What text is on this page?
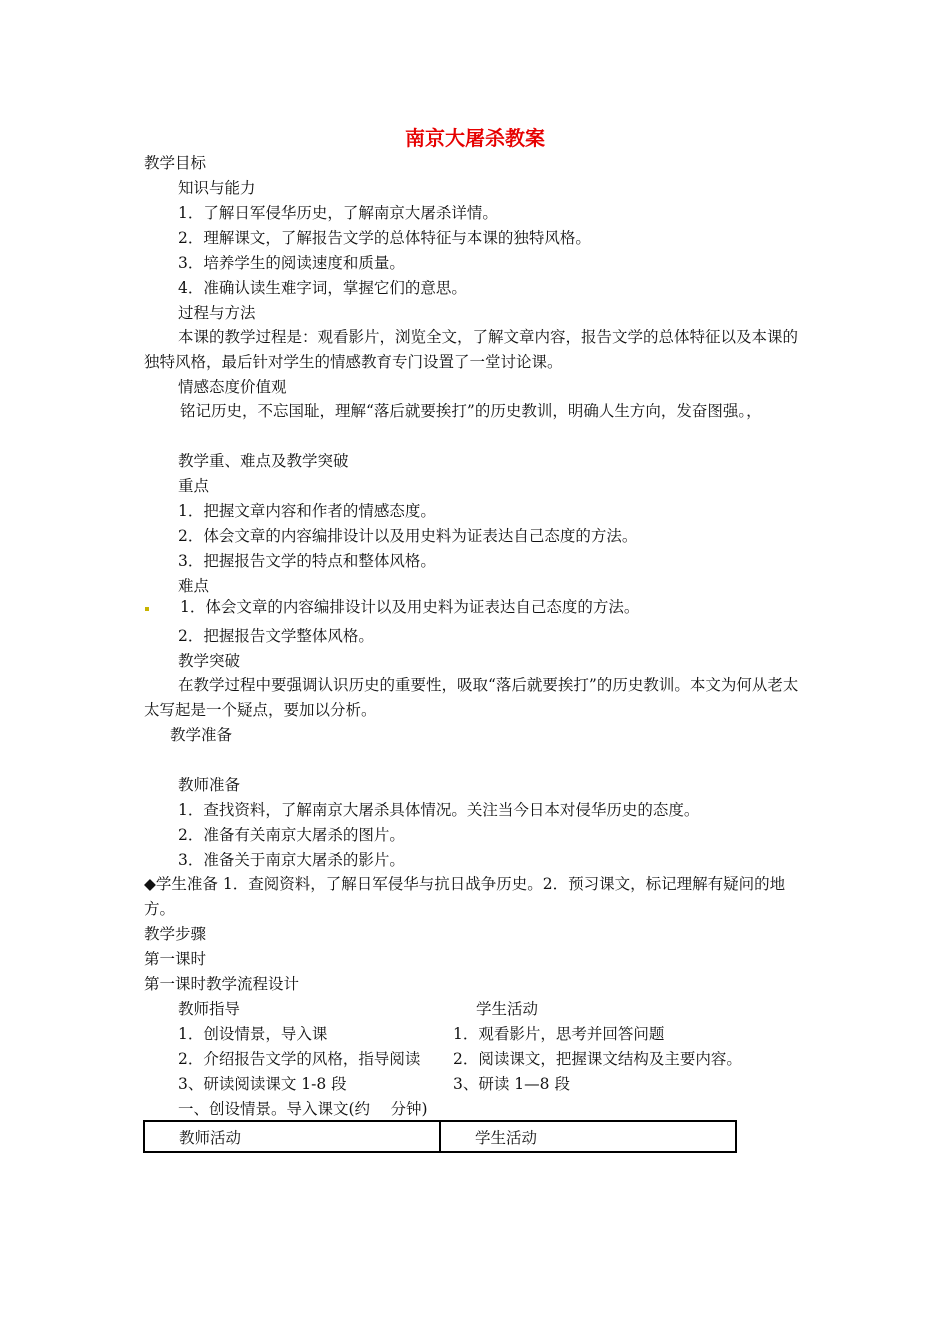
南京大屠杀教案
教学目标
知识与能力
1．了解日军侵华历史，了解南京大屠杀详情。
2．理解课文，了解报告文学的总体特征与本课的独特风格。
3．培养学生的阅读速度和质量。
4．准确认读生难字词，掌握它们的意思。
过程与方法
本课的教学过程是：观看影片，浏览全文，了解文章内容，报告文学的总体特征以及本课的独特风格，最后针对学生的情感教育专门设置了一堂讨论课。
情感态度价值观
铭记历史，不忘国耻，理解“落后就要挨打”的历史教训，明确人生方向，发奋图强。，
教学重、难点及教学突破
重点
1．把握文章内容和作者的情感态度。
2．体会文章的内容编排设计以及用史料为证表达自己态度的方法。
3．把握报告文学的特点和整体风格。
难点
1．体会文章的内容编排设计以及用史料为证表达自己态度的方法。
2．把握报告文学整体风格。
教学突破
在教学过程中要强调认识历史的重要性，吸取“落后就要挨打”的历史教训。本文为何从老太太写起是一个疑点，要加以分析。
教学准备
教师准备
1．查找资料，了解南京大屠杀具体情况。关注当今日本对侵华历史的态度。
2．准备有关南京大屠杀的图片。
3．准备关于南京大屠杀的影片。
◆学生准备 1．查阅资料，了解日军侵华与抗日战争历史。2．预习课文，标记理解有疑问的地方。
教学步骤
第一课时
第一课时教学流程设计
教师指导	学生活动
1．创设情景，导入课	1．观看影片，思考并回答问题
2．介绍报告文学的风格，指导阅读 2．阅读课文，把握课文结构及主要内容。
3、研读阅读课文 1-8 段	3、研读 1—8 段
一、创设情景。导入课文(约　 分钟)
教师活动	学生活动
